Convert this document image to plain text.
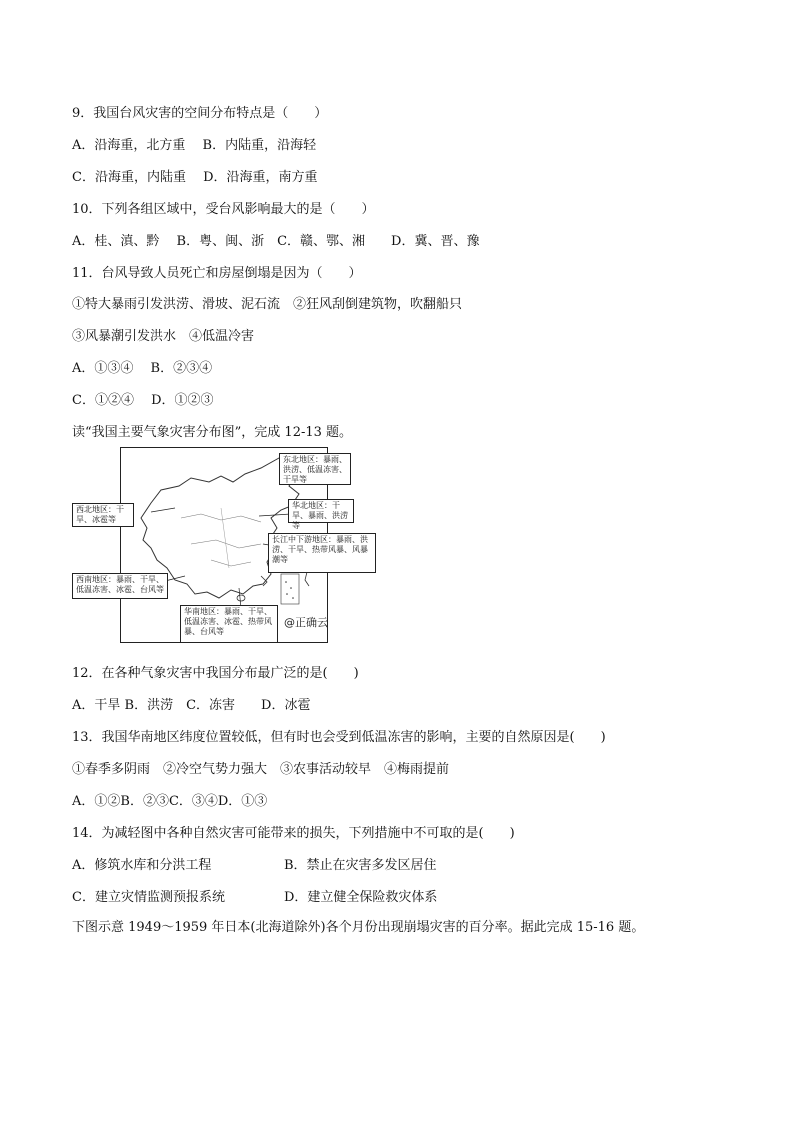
9．我国台风灾害的空间分布特点是（　　）
A．沿海重，北方重　 B．内陆重，沿海轻
C．沿海重，内陆重　 D．沿海重，南方重
10．下列各组区域中，受台风影响最大的是（　　）
A．桂、滇、黔　 B．粤、闽、浙　C．赣、鄂、湘　　D．冀、晋、豫
11．台风导致人员死亡和房屋倒塌是因为（　　）
①特大暴雨引发洪涝、滑坡、泥石流　②狂风刮倒建筑物，吹翻船只
③风暴潮引发洪水　④低温冷害
A．①③④　 B．②③④
C．①②④　 D．①②③
读“我国主要气象灾害分布图”，完成 12-13 题。
东北地区：暴雨、洪涝、低温冻害、干旱等
西北地区：干旱、冰雹等
华北地区：干旱、暴雨、洪涝等
长江中下游地区：暴雨、洪涝、干旱、热带风暴、风暴潮等
西南地区：暴雨、干旱、低温冻害、冰雹、台风等
华南地区：暴雨、干旱、低温冻害、冰雹、热带风暴、台风等
@正确云
12．在各种气象灾害中我国分布最广泛的是(　　)
A．干旱 B．洪涝　C．冻害　　D．冰雹
13．我国华南地区纬度位置较低，但有时也会受到低温冻害的影响，主要的自然原因是(　　)
①春季多阴雨　②冷空气势力强大　③农事活动较早　④梅雨提前
A．①②B．②③C．③④D．①③
14．为减轻图中各种自然灾害可能带来的损失，下列措施中不可取的是(　　)
A．修筑水库和分洪工程	B．禁止在灾害多发区居住
C．建立灾情监测预报系统	D．建立健全保险救灾体系
下图示意 1949～1959 年日本(北海道除外)各个月份出现崩塌灾害的百分率。据此完成 15-16 题。
